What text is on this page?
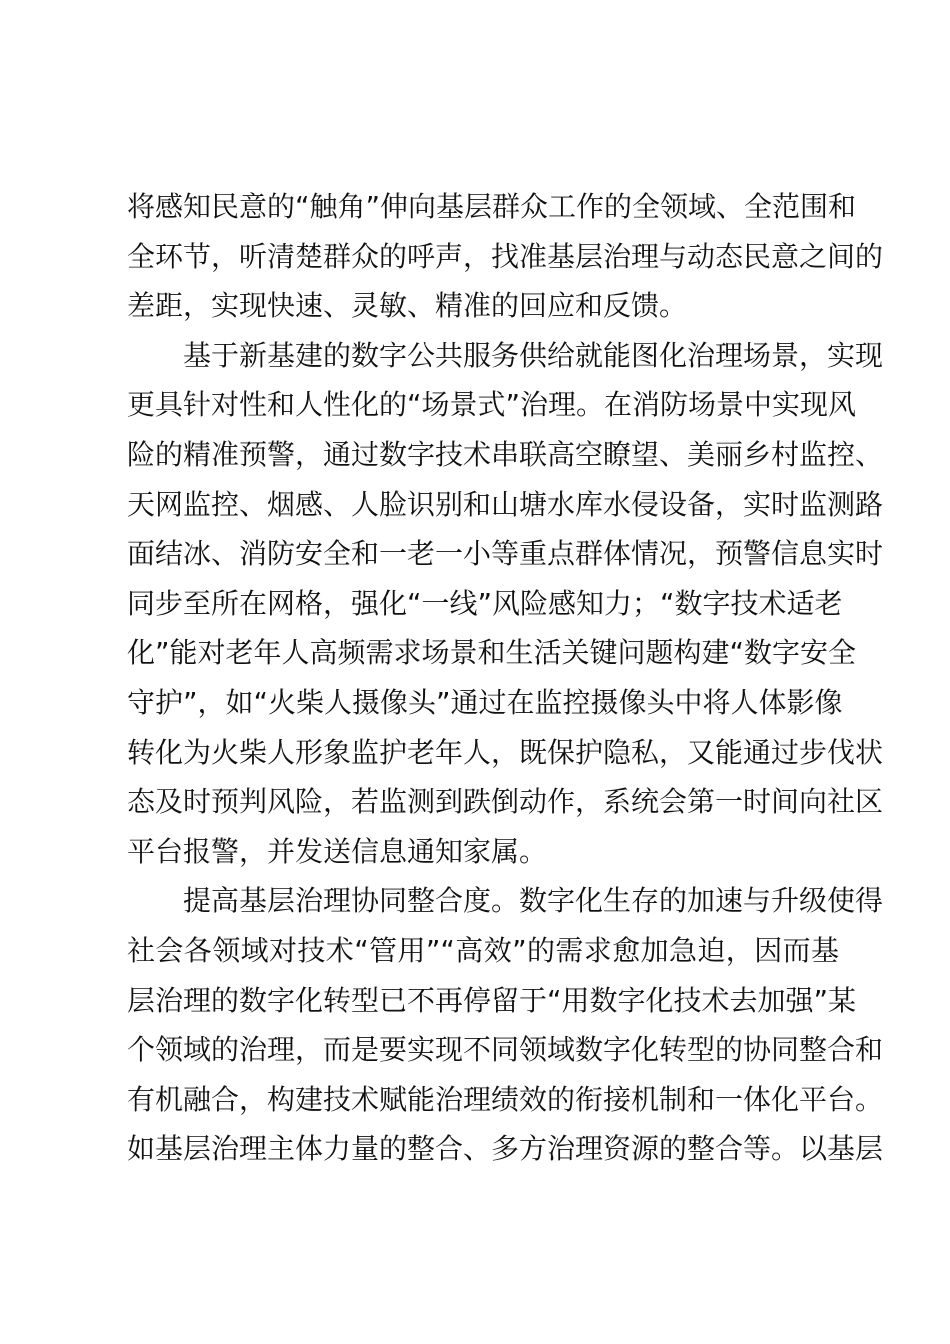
将感知民意的“触角”伸向基层群众工作的全领域、全范围和
全环节，听清楚群众的呼声，找准基层治理与动态民意之间的
差距，实现快速、灵敏、精准的回应和反馈。
基于新基建的数字公共服务供给就能图化治理场景，实现
更具针对性和人性化的“场景式”治理。在消防场景中实现风
险的精准预警，通过数字技术串联高空瞭望、美丽乡村监控、
天网监控、烟感、人脸识别和山塘水库水侵设备，实时监测路
面结冰、消防安全和一老一小等重点群体情况，预警信息实时
同步至所在网格，强化“一线”风险感知力；“数字技术适老
化”能对老年人高频需求场景和生活关键问题构建“数字安全
守护”，如“火柴人摄像头”通过在监控摄像头中将人体影像
转化为火柴人形象监护老年人，既保护隐私，又能通过步伐状
态及时预判风险，若监测到跌倒动作，系统会第一时间向社区
平台报警，并发送信息通知家属。
提高基层治理协同整合度。数字化生存的加速与升级使得
社会各领域对技术“管用”“高效”的需求愈加急迫，因而基
层治理的数字化转型已不再停留于“用数字化技术去加强”某
个领域的治理，而是要实现不同领域数字化转型的协同整合和
有机融合，构建技术赋能治理绩效的衔接机制和一体化平台。
如基层治理主体力量的整合、多方治理资源的整合等。以基层
